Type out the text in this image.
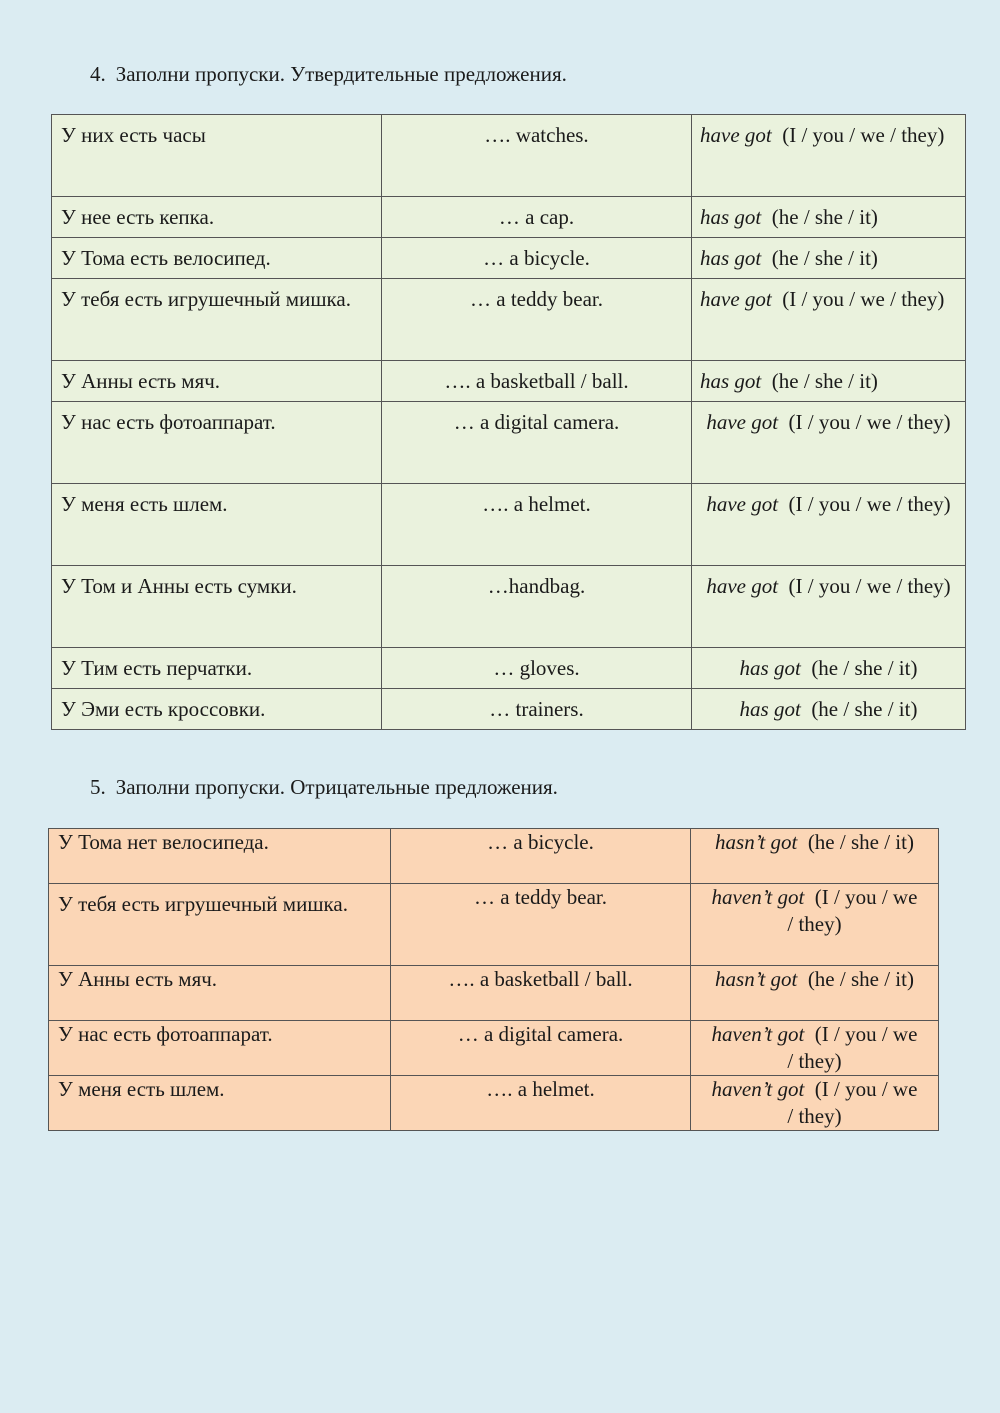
4. Заполни пропуски. Утвердительные предложения.
У них есть часы	…. watches.	have got (I / you / we / they)
У нее есть кепка.	… a cap.	has got (he / she / it)
У Тома есть велосипед.	… a bicycle.	has got (he / she / it)
У тебя есть игрушечный мишка.	… a teddy bear.	have got (I / you / we / they)
У Анны есть мяч.	…. a basketball / ball.	has got (he / she / it)
У нас есть фотоаппарат.	… a digital camera.	have got (I / you / we / they)
У меня есть шлем.	…. a helmet.	have got (I / you / we / they)
У Том и Анны есть сумки.	…handbag.	have got (I / you / we / they)
У Тим есть перчатки.	… gloves.	has got (he / she / it)
У Эми есть кроссовки.	… trainers.	has got (he / she / it)
5. Заполни пропуски. Отрицательные предложения.
У Тома нет велосипеда.	… a bicycle.	hasn’t got (he / she / it)
У тебя есть игрушечный мишка.	… a teddy bear.	haven’t got (I / you / we / they)
У Анны есть мяч.	…. a basketball / ball.	hasn’t got (he / she / it)
У нас есть фотоаппарат.	… a digital camera.	haven’t got (I / you / we / they)
У меня есть шлем.	…. a helmet.	haven’t got (I / you / we / they)
